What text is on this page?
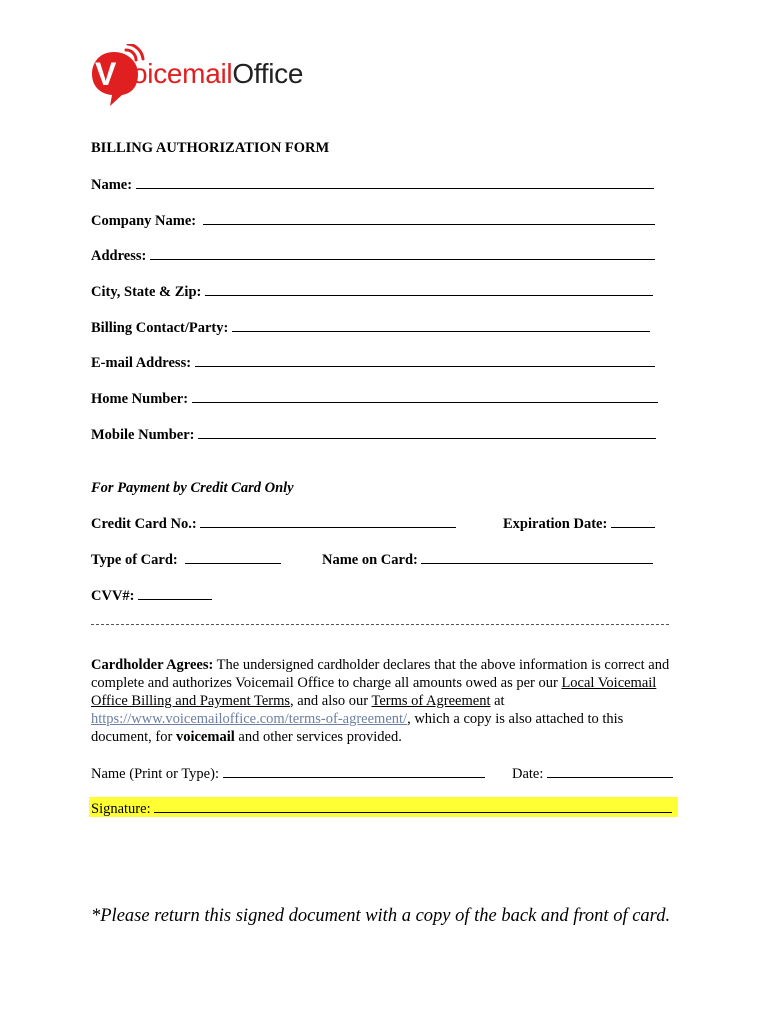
V oicemailOffice
BILLING AUTHORIZATION FORM
Name:
Company Name:
Address:
City, State & Zip:
Billing Contact/Party:
E-mail Address:
Home Number:
Mobile Number:
For Payment by Credit Card Only
Credit Card No.:	Expiration Date:
Type of Card:	Name on Card:
CVV#:
Cardholder Agrees: The undersigned cardholder declares that the above information is correct and complete and authorizes Voicemail Office to charge all amounts owed as per our Local Voicemail Office Billing and Payment Terms, and also our Terms of Agreement at https://www.voicemailoffice.com/terms-of-agreement/, which a copy is also attached to this document, for voicemail and other services provided.
Name (Print or Type):	Date:
Signature:
*Please return this signed document with a copy of the back and front of card.
